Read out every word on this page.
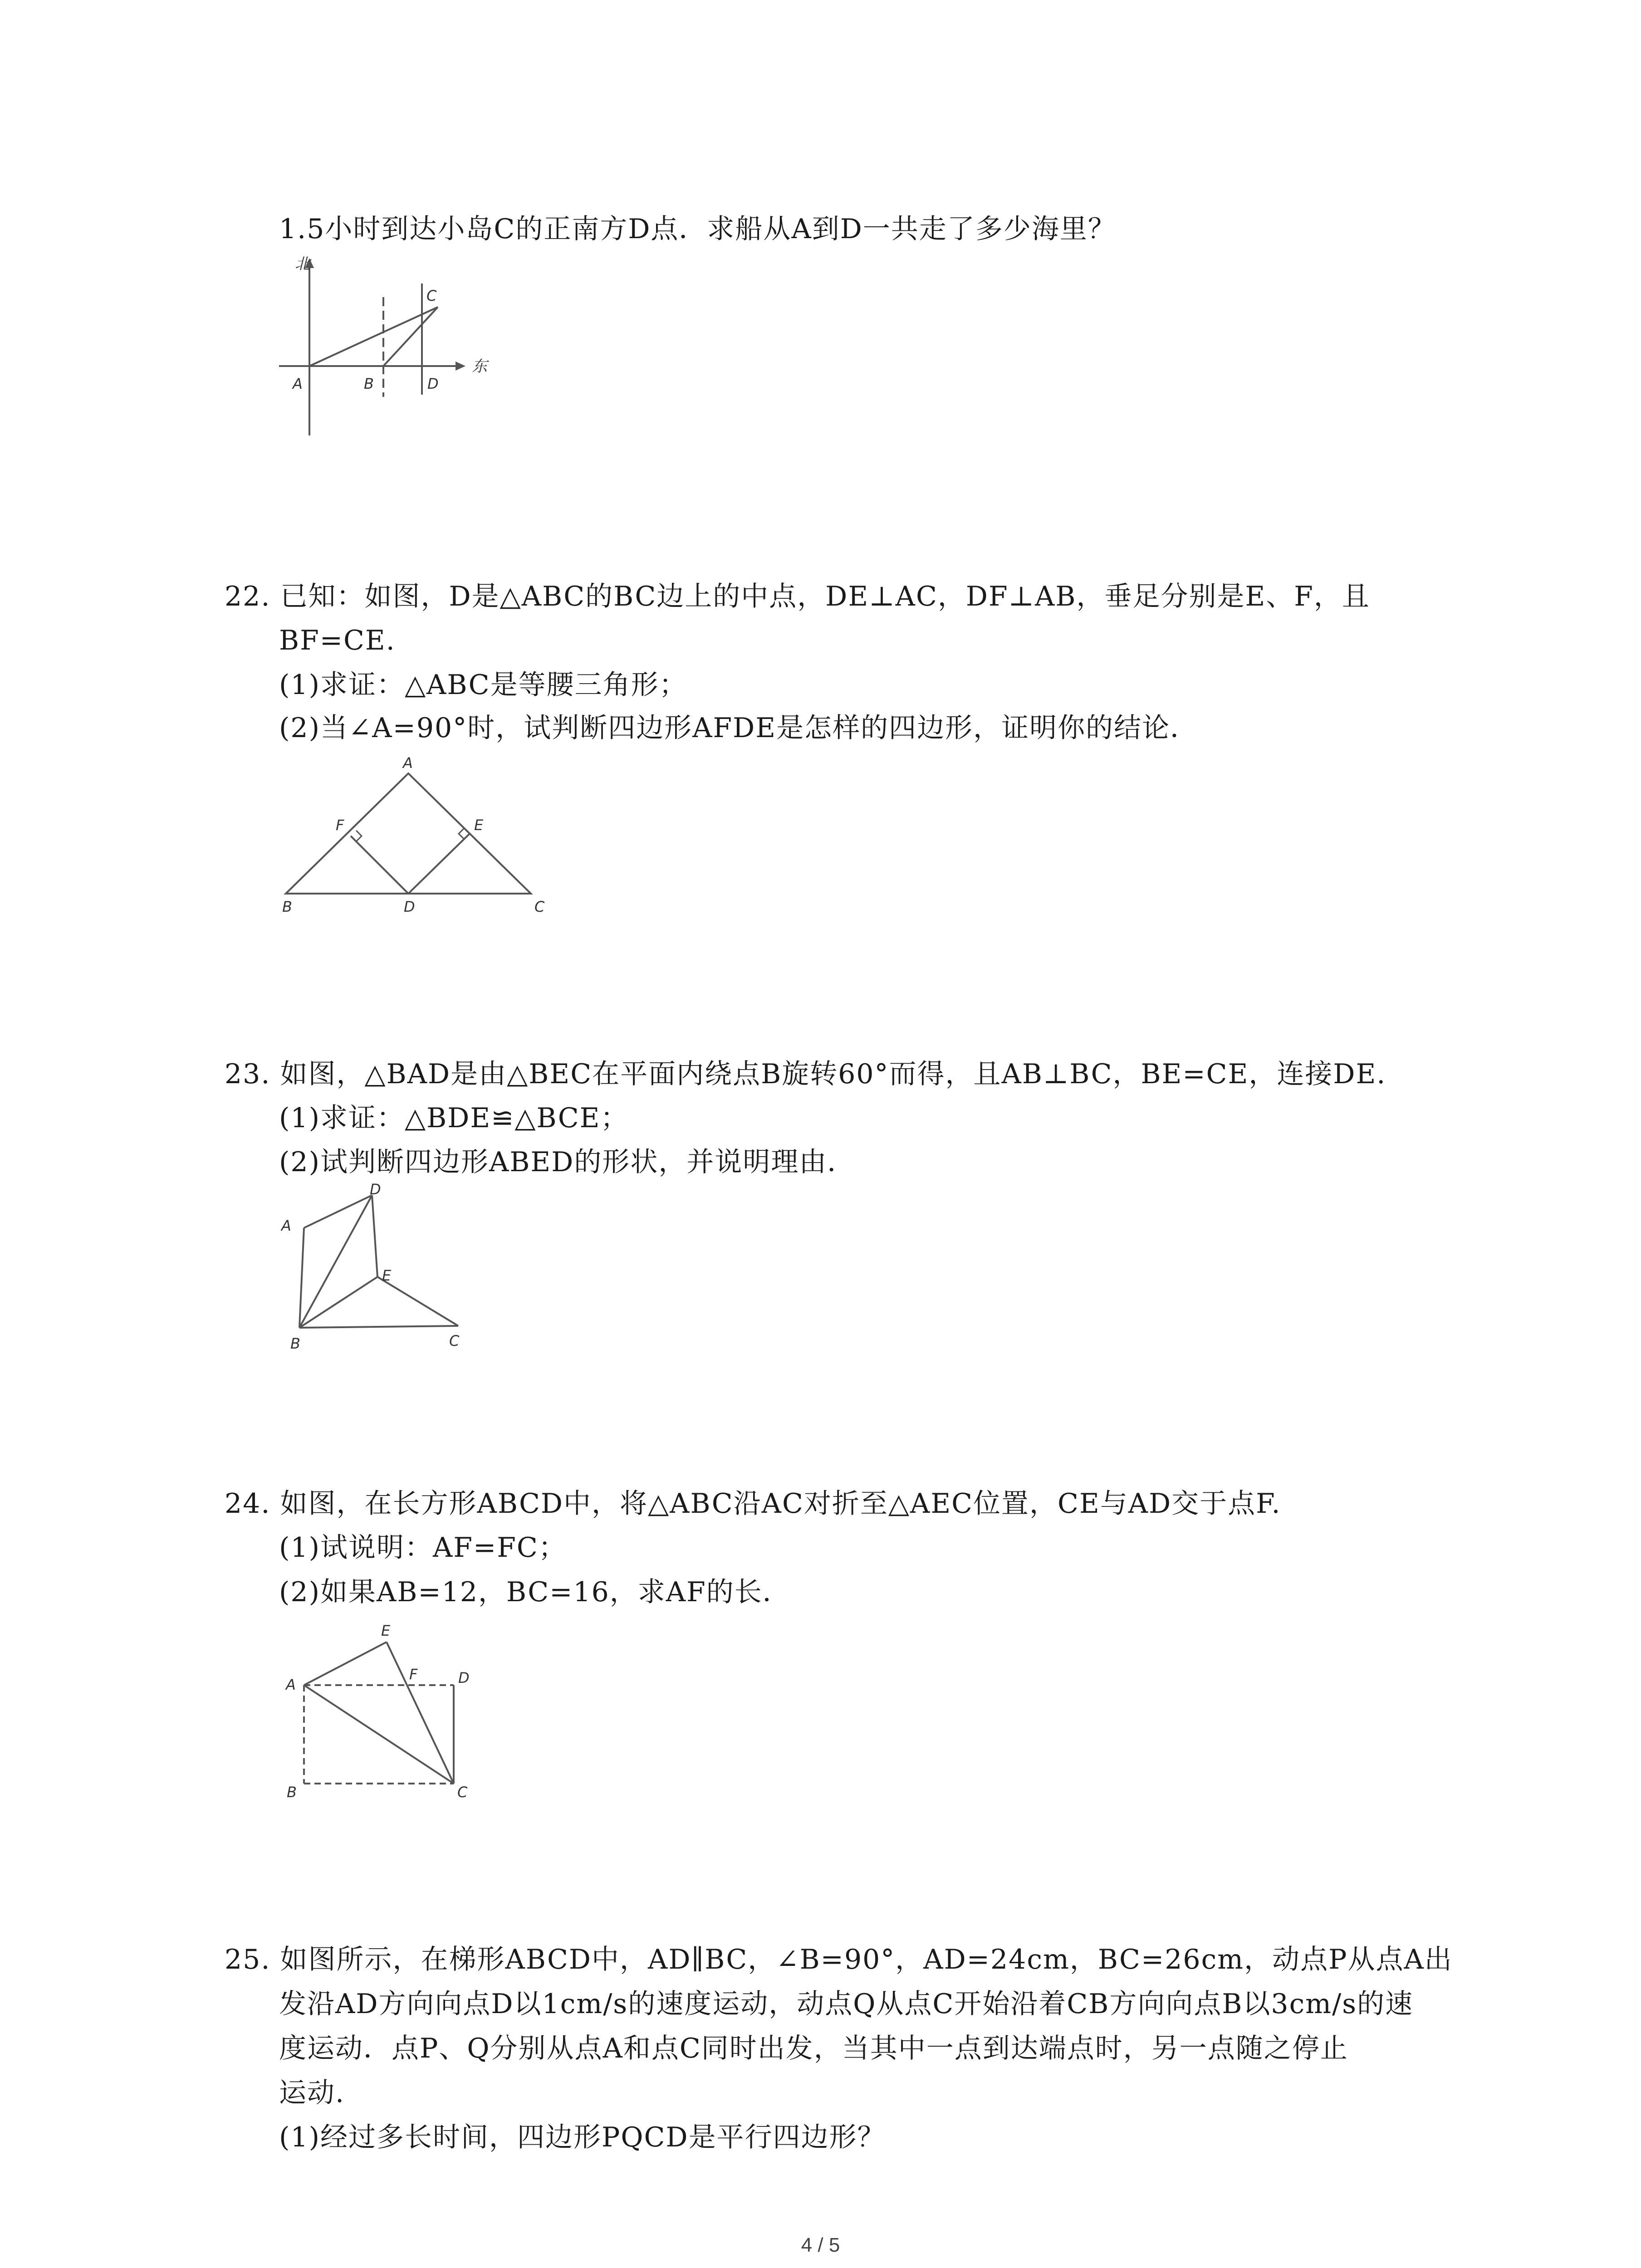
1.5小时到达小岛C的正南方D点．求船从A到D一共走了多少海里？
北
东
A	B
C
D
22. 已知：如图，D是△ABC的BC边上的中点，DE⊥AC，DF⊥AB，垂足分别是E、F，且
BF=CE.
(1)求证：△ABC是等腰三角形；
(2)当∠A=90°时，试判断四边形AFDE是怎样的四边形，证明你的结论．
A
B	C
D
E
F
23. 如图，△BAD是由△BEC在平面内绕点B旋转60°而得，且AB⊥BC，BE=CE，连接DE.
(1)求证：△BDE≌△BCE；
(2)试判断四边形ABED的形状，并说明理由．
A
B	C
D
E
24. 如图，在长方形ABCD中，将△ABC沿AC对折至△AEC位置，CE与AD交于点F.
(1)试说明：AF=FC；
(2)如果AB=12，BC=16，求AF的长．
A
B	C
D
E
F
25. 如图所示，在梯形ABCD中，AD∥BC，∠B=90°，AD=24cm，BC=26cm，动点P从点A出
发沿AD方向向点D以1cm/s的速度运动，动点Q从点C开始沿着CB方向向点B以3cm/s的速
度运动．点P、Q分别从点A和点C同时出发，当其中一点到达端点时，另一点随之停止
运动.
(1)经过多长时间，四边形PQCD是平行四边形？
4 / 5
